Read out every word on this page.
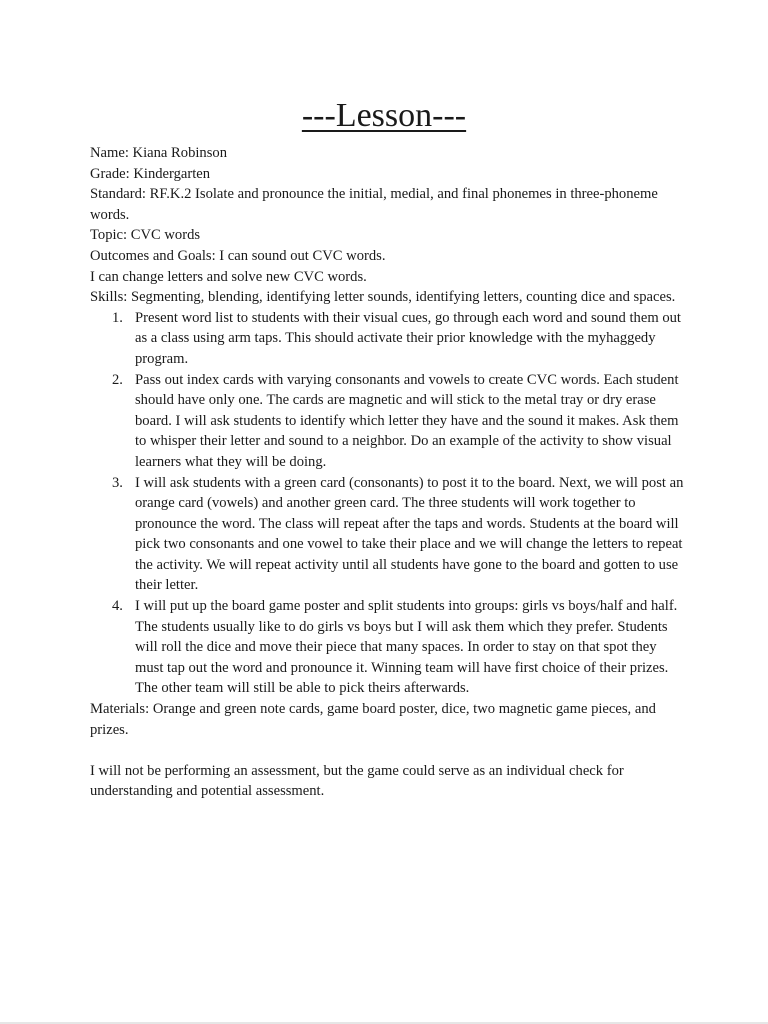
---Lesson---

Name: Kiana Robinson

Grade: Kindergarten

Standard: RF.K.2 Isolate and pronounce the initial, medial, and final phonemes in three-phoneme words.

Topic: CVC words

Outcomes and Goals: I can sound out CVC words.

I can change letters and solve new CVC words.

Skills: Segmenting, blending, identifying letter sounds, identifying letters, counting dice and spaces.

1. Present word list to students with their visual cues, go through each word and sound them out as a class using arm taps. This should activate their prior knowledge with the myhaggedy program.
2. Pass out index cards with varying consonants and vowels to create CVC words. Each student should have only one. The cards are magnetic and will stick to the metal tray or dry erase board. I will ask students to identify which letter they have and the sound it makes. Ask them to whisper their letter and sound to a neighbor. Do an example of the activity to show visual learners what they will be doing.
3. I will ask students with a green card (consonants) to post it to the board. Next, we will post an orange card (vowels) and another green card. The three students will work together to pronounce the word. The class will repeat after the taps and words. Students at the board will pick two consonants and one vowel to take their place and we will change the letters to repeat the activity. We will repeat activity until all students have gone to the board and gotten to use their letter.
4. I will put up the board game poster and split students into groups: girls vs boys/half and half. The students usually like to do girls vs boys but I will ask them which they prefer. Students will roll the dice and move their piece that many spaces. In order to stay on that spot they must tap out the word and pronounce it. Winning team will have first choice of their prizes. The other team will still be able to pick theirs afterwards.

Materials: Orange and green note cards, game board poster, dice, two magnetic game pieces, and prizes.

I will not be performing an assessment, but the game could serve as an individual check for understanding and potential assessment.
